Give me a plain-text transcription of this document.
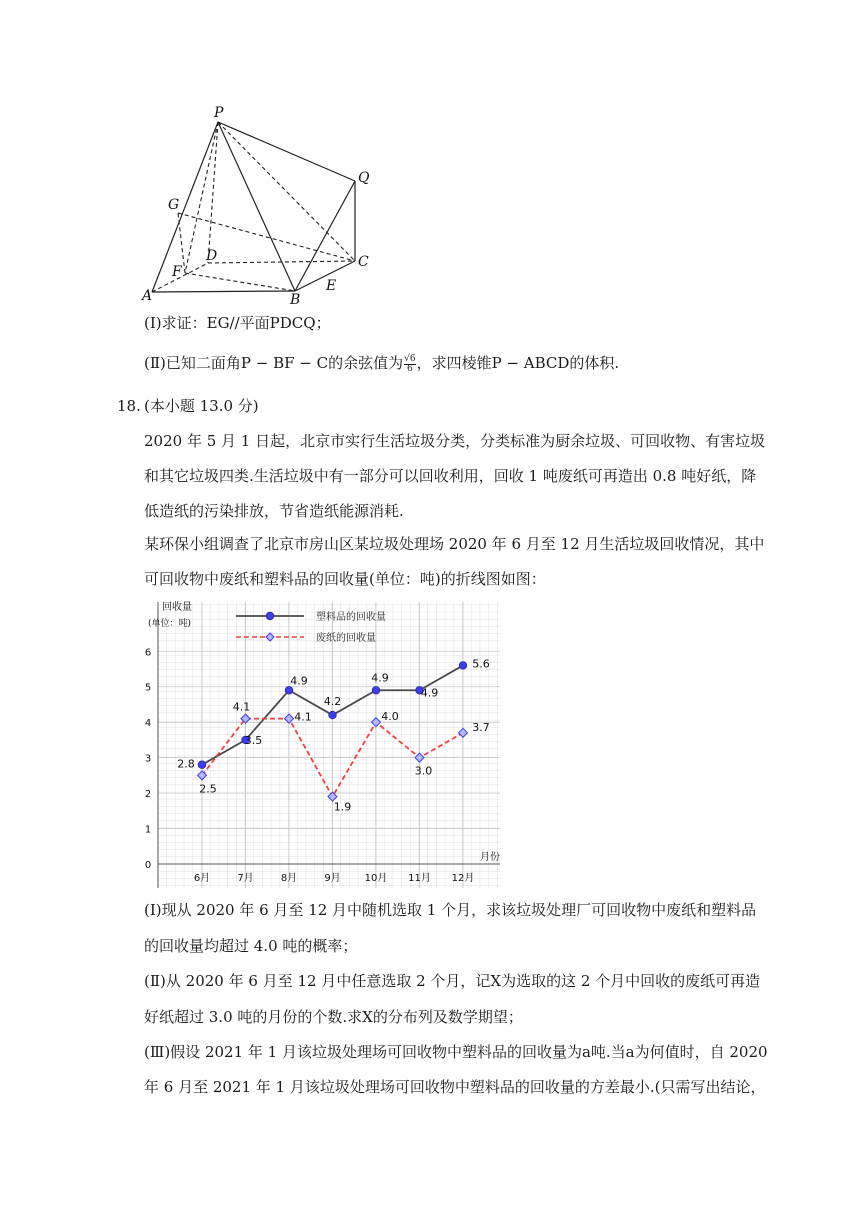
P
Q
G
D	C
F
A	B
E
(Ⅰ)求证：EG//平面PDCQ；
(Ⅱ)已知二面角P − BF − C的余弦值为 $\frac{√6}{6}$ ，求四棱锥P − ABCD的体积.
18. (本小题 13.0 分)
2020 年 5 月 1 日起，北京市实行生活垃圾分类，分类标准为厨余垃圾、可回收物、有害垃圾
和其它垃圾四类.生活垃圾中有一部分可以回收利用，回收 1 吨废纸可再造出 0.8 吨好纸，降
低造纸的污染排放，节省造纸能源消耗.
某环保小组调查了北京市房山区某垃圾处理场 2020 年 6 月至 12 月生活垃圾回收情况，其中
可回收物中废纸和塑料品的回收量(单位：吨)的折线图如图：
0
1
2
3
4
5
6
6月	7月	8月	9月 10月 11月 12月
2.8
3.5
4.9
4.2
4.9
4.9
5.6
2.5
4.1
4.1
1.9
4.0
3.0
3.7
塑料品的回收量
废纸的回收量
回收量
(单位：吨)
月份
(Ⅰ)现从 2020 年 6 月至 12 月中随机选取 1 个月，求该垃圾处理厂可回收物中废纸和塑料品
的回收量均超过 4.0 吨的概率；
(Ⅱ)从 2020 年 6 月至 12 月中任意选取 2 个月，记X为选取的这 2 个月中回收的废纸可再造
好纸超过 3.0 吨的月份的个数.求X的分布列及数学期望；
(Ⅲ)假设 2021 年 1 月该垃圾处理场可回收物中塑料品的回收量为a吨.当a为何值时，自 2020
年 6 月至 2021 年 1 月该垃圾处理场可回收物中塑料品的回收量的方差最小.(只需写出结论，
